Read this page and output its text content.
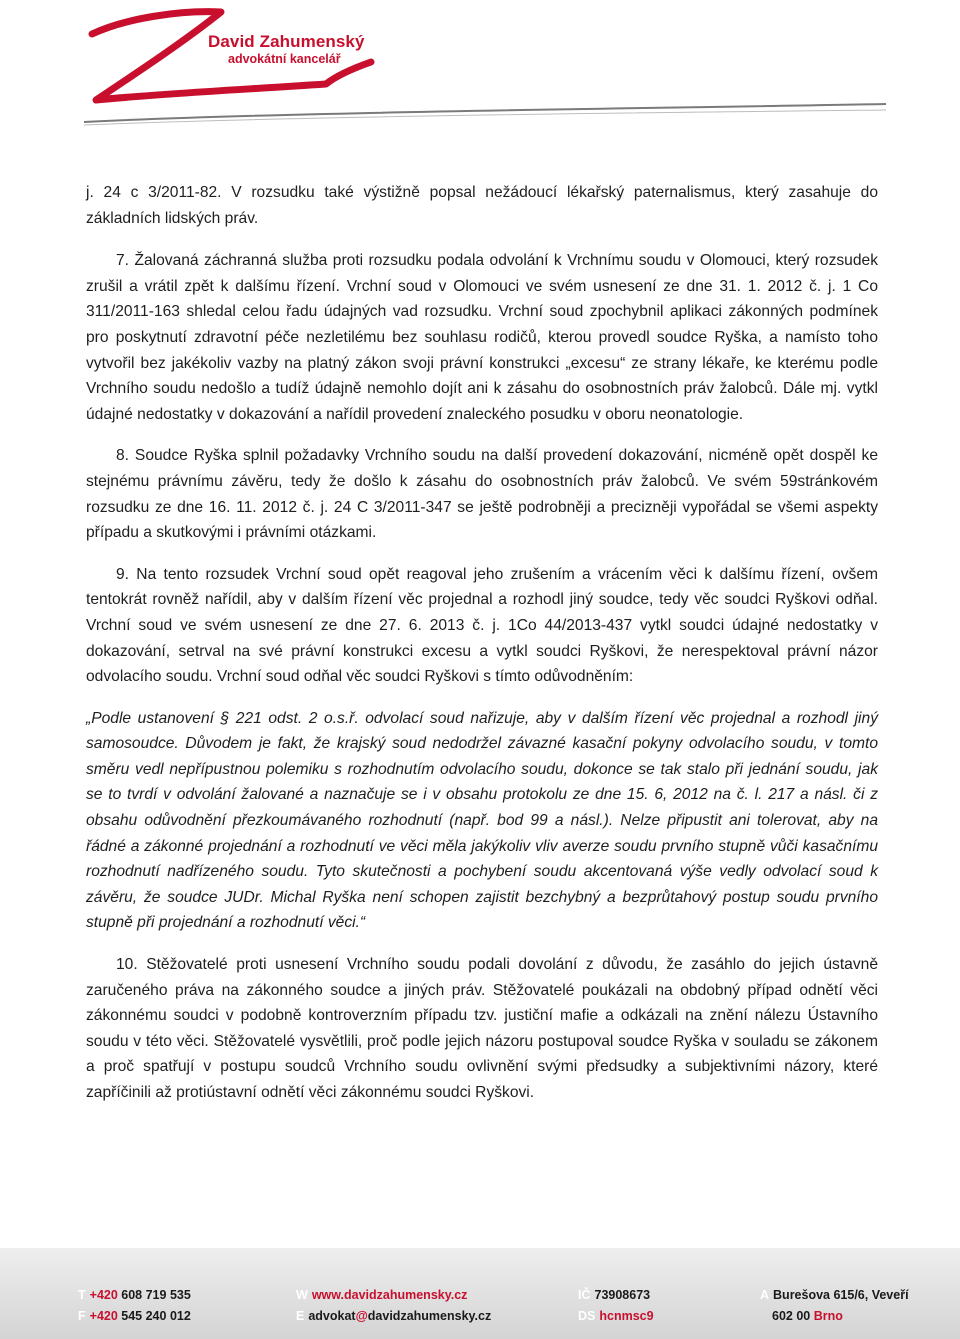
David Zahumenský

advokátní kancelář

j. 24 c 3/2011-82. V rozsudku také výstižně popsal nežádoucí lékařský paternalismus, který zasahuje do základních lidských práv.

7. Žalovaná záchranná služba proti rozsudku podala odvolání k Vrchnímu soudu v Olomouci, který rozsudek zrušil a vrátil zpět k dalšímu řízení. Vrchní soud v Olomouci ve svém usnesení ze dne 31. 1. 2012 č. j. 1 Co 311/2011-163 shledal celou řadu údajných vad rozsudku. Vrchní soud zpochybnil aplikaci zákonných podmínek pro poskytnutí zdravotní péče nezletilému bez souhlasu rodičů, kterou provedl soudce Ryška, a namísto toho vytvořil bez jakékoliv vazby na platný zákon svoji právní konstrukci „excesu“ ze strany lékaře, ke kterému podle Vrchního soudu nedošlo a tudíž údajně nemohlo dojít ani k zásahu do osobnostních práv žalobců. Dále mj. vytkl údajné nedostatky v dokazování a nařídil provedení znaleckého posudku v oboru neonatologie.

8. Soudce Ryška splnil požadavky Vrchního soudu na další provedení dokazování, nicméně opět dospěl ke stejnému právnímu závěru, tedy že došlo k zásahu do osobnostních práv žalobců. Ve svém 59stránkovém rozsudku ze dne 16. 11. 2012 č. j. 24 C 3/2011-347 se ještě podrobněji a precizněji vypořádal se všemi aspekty případu a skutkovými i právními otázkami.

9. Na tento rozsudek Vrchní soud opět reagoval jeho zrušením a vrácením věci k dalšímu řízení, ovšem tentokrát rovněž nařídil, aby v dalším řízení věc projednal a rozhodl jiný soudce, tedy věc soudci Ryškovi odňal. Vrchní soud ve svém usnesení ze dne 27. 6. 2013 č. j. 1Co 44/2013-437 vytkl soudci údajné nedostatky v dokazování, setrval na své právní konstrukci excesu a vytkl soudci Ryškovi, že nerespektoval právní názor odvolacího soudu. Vrchní soud odňal věc soudci Ryškovi s tímto odůvodněním:

„Podle ustanovení § 221 odst. 2 o.s.ř. odvolací soud nařizuje, aby v dalším řízení věc projednal a rozhodl jiný samosoudce. Důvodem je fakt, že krajský soud nedodržel závazné kasační pokyny odvolacího soudu, v tomto směru vedl nepřípustnou polemiku s rozhodnutím odvolacího soudu, dokonce se tak stalo při jednání soudu, jak se to tvrdí v odvolání žalované a naznačuje se i v obsahu protokolu ze dne 15. 6, 2012 na č. l. 217 a násl. či z obsahu odůvodnění přezkoumávaného rozhodnutí (např. bod 99 a násl.). Nelze připustit ani tolerovat, aby na řádné a zákonné projednání a rozhodnutí ve věci měla jakýkoliv vliv averze soudu prvního stupně vůči kasačnímu rozhodnutí nadřízeného soudu. Tyto skutečnosti a pochybení soudu akcentovaná výše vedly odvolací soud k závěru, že soudce JUDr. Michal Ryška není schopen zajistit bezchybný a bezprůtahový postup soudu prvního stupně při projednání a rozhodnutí věci.“

10. Stěžovatelé proti usnesení Vrchního soudu podali dovolání z důvodu, že zasáhlo do jejich ústavně zaručeného práva na zákonného soudce a jiných práv. Stěžovatelé poukázali na obdobný případ odnětí věci zákonnému soudci v podobně kontroverzním případu tzv. justiční mafie a odkázali na znění nálezu Ústavního soudu v této věci. Stěžovatelé vysvětlili, proč podle jejich názoru postupoval soudce Ryška v souladu se zákonem a proč spatřují v postupu soudců Vrchního soudu ovlivnění svými předsudky a subjektivními názory, které zapříčinili až protiústavní odnětí věci zákonnému soudci Ryškovi.

T +420 608 719 535
F +420 545 240 012
W www.davidzahumensky.cz
E advokat@davidzahumensky.cz
IČ 73908673
DS hcnmsc9
A Burešova 615/6, Veveří
602 00 Brno
